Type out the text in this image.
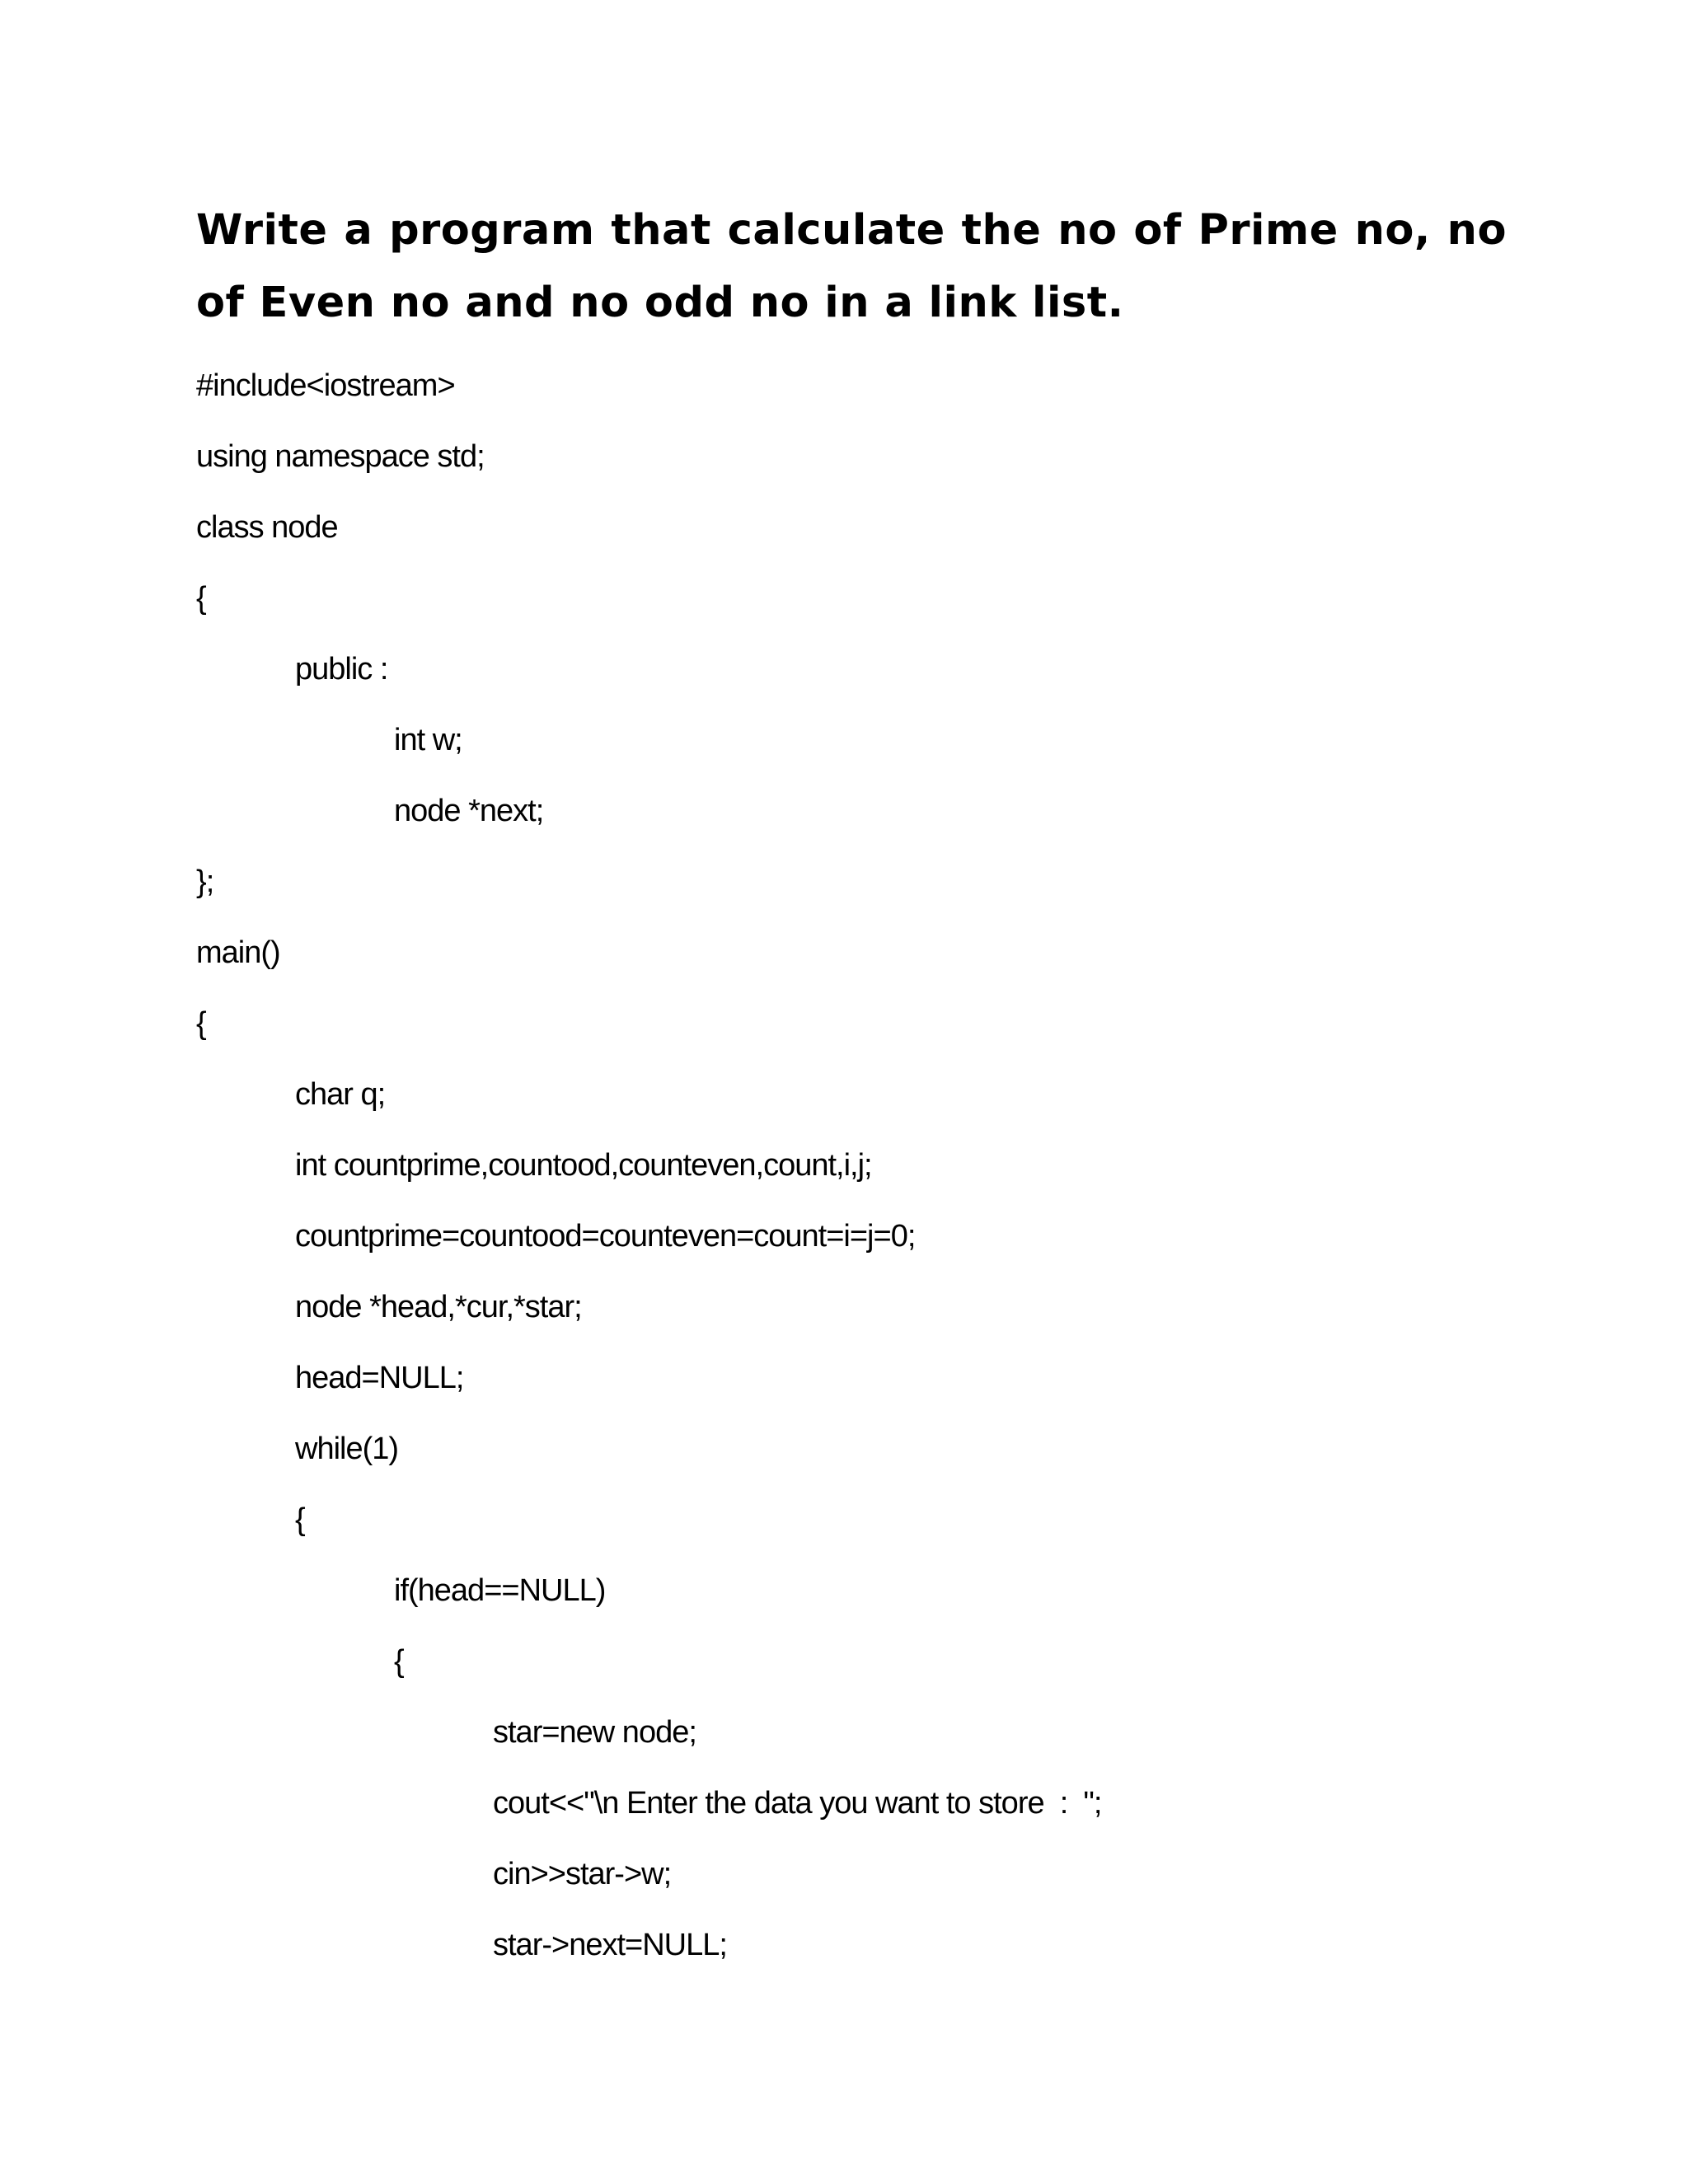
Write a program that calculate the no of Prime no, no of Even no and no odd no in a link list.
#include<iostream>
using namespace std;
class node
{
public :
int w;
node *next;
};
main()
{
char q;
int countprime,countood,counteven,count,i,j;
countprime=countood=counteven=count=i=j=0;
node *head,*cur,*star;
head=NULL;
while(1)
{
if(head==NULL)
{
star=new node;
cout<<"\n Enter the data you want to store  :  ";
cin>>star->w;
star->next=NULL;
